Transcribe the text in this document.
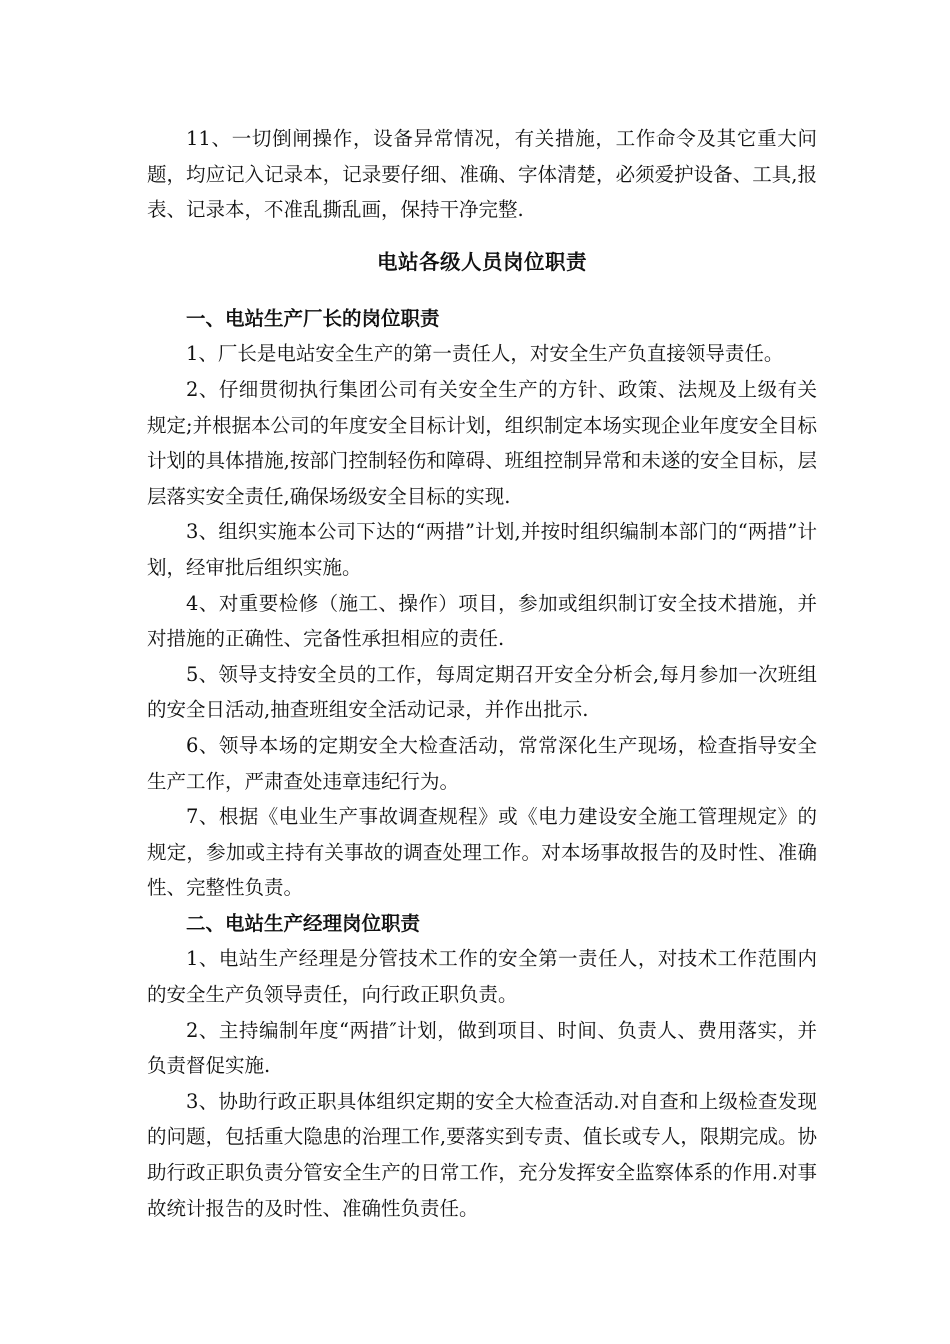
11、一切倒闸操作，设备异常情况，有关措施，工作命令及其它重大问题，均应记入记录本，记录要仔细、准确、字体清楚，必须爱护设备、工具,报表、记录本，不准乱撕乱画，保持干净完整.

电站各级人员岗位职责

一、电站生产厂长的岗位职责

1、厂长是电站安全生产的第一责任人，对安全生产负直接领导责任。

2、仔细贯彻执行集团公司有关安全生产的方针、政策、法规及上级有关规定;并根据本公司的年度安全目标计划，组织制定本场实现企业年度安全目标计划的具体措施,按部门控制轻伤和障碍、班组控制异常和未遂的安全目标，层层落实安全责任,确保场级安全目标的实现.

3、组织实施本公司下达的“两措”计划,并按时组织编制本部门的“两措”计划，经审批后组织实施。

4、对重要检修（施工、操作）项目，参加或组织制订安全技术措施，并对措施的正确性、完备性承担相应的责任.

5、领导支持安全员的工作，每周定期召开安全分析会,每月参加一次班组的安全日活动,抽查班组安全活动记录，并作出批示.

6、领导本场的定期安全大检查活动，常常深化生产现场，检查指导安全生产工作，严肃查处违章违纪行为。

7、根据《电业生产事故调查规程》或《电力建设安全施工管理规定》的规定，参加或主持有关事故的调查处理工作。对本场事故报告的及时性、准确性、完整性负责。

二、电站生产经理岗位职责

1、电站生产经理是分管技术工作的安全第一责任人，对技术工作范围内的安全生产负领导责任，向行政正职负责。

2、主持编制年度“两措″计划，做到项目、时间、负责人、费用落实，并负责督促实施.

3、协助行政正职具体组织定期的安全大检查活动.对自查和上级检查发现的问题，包括重大隐患的治理工作,要落实到专责、值长或专人，限期完成。协助行政正职负责分管安全生产的日常工作，充分发挥安全监察体系的作用.对事故统计报告的及时性、准确性负责任。
